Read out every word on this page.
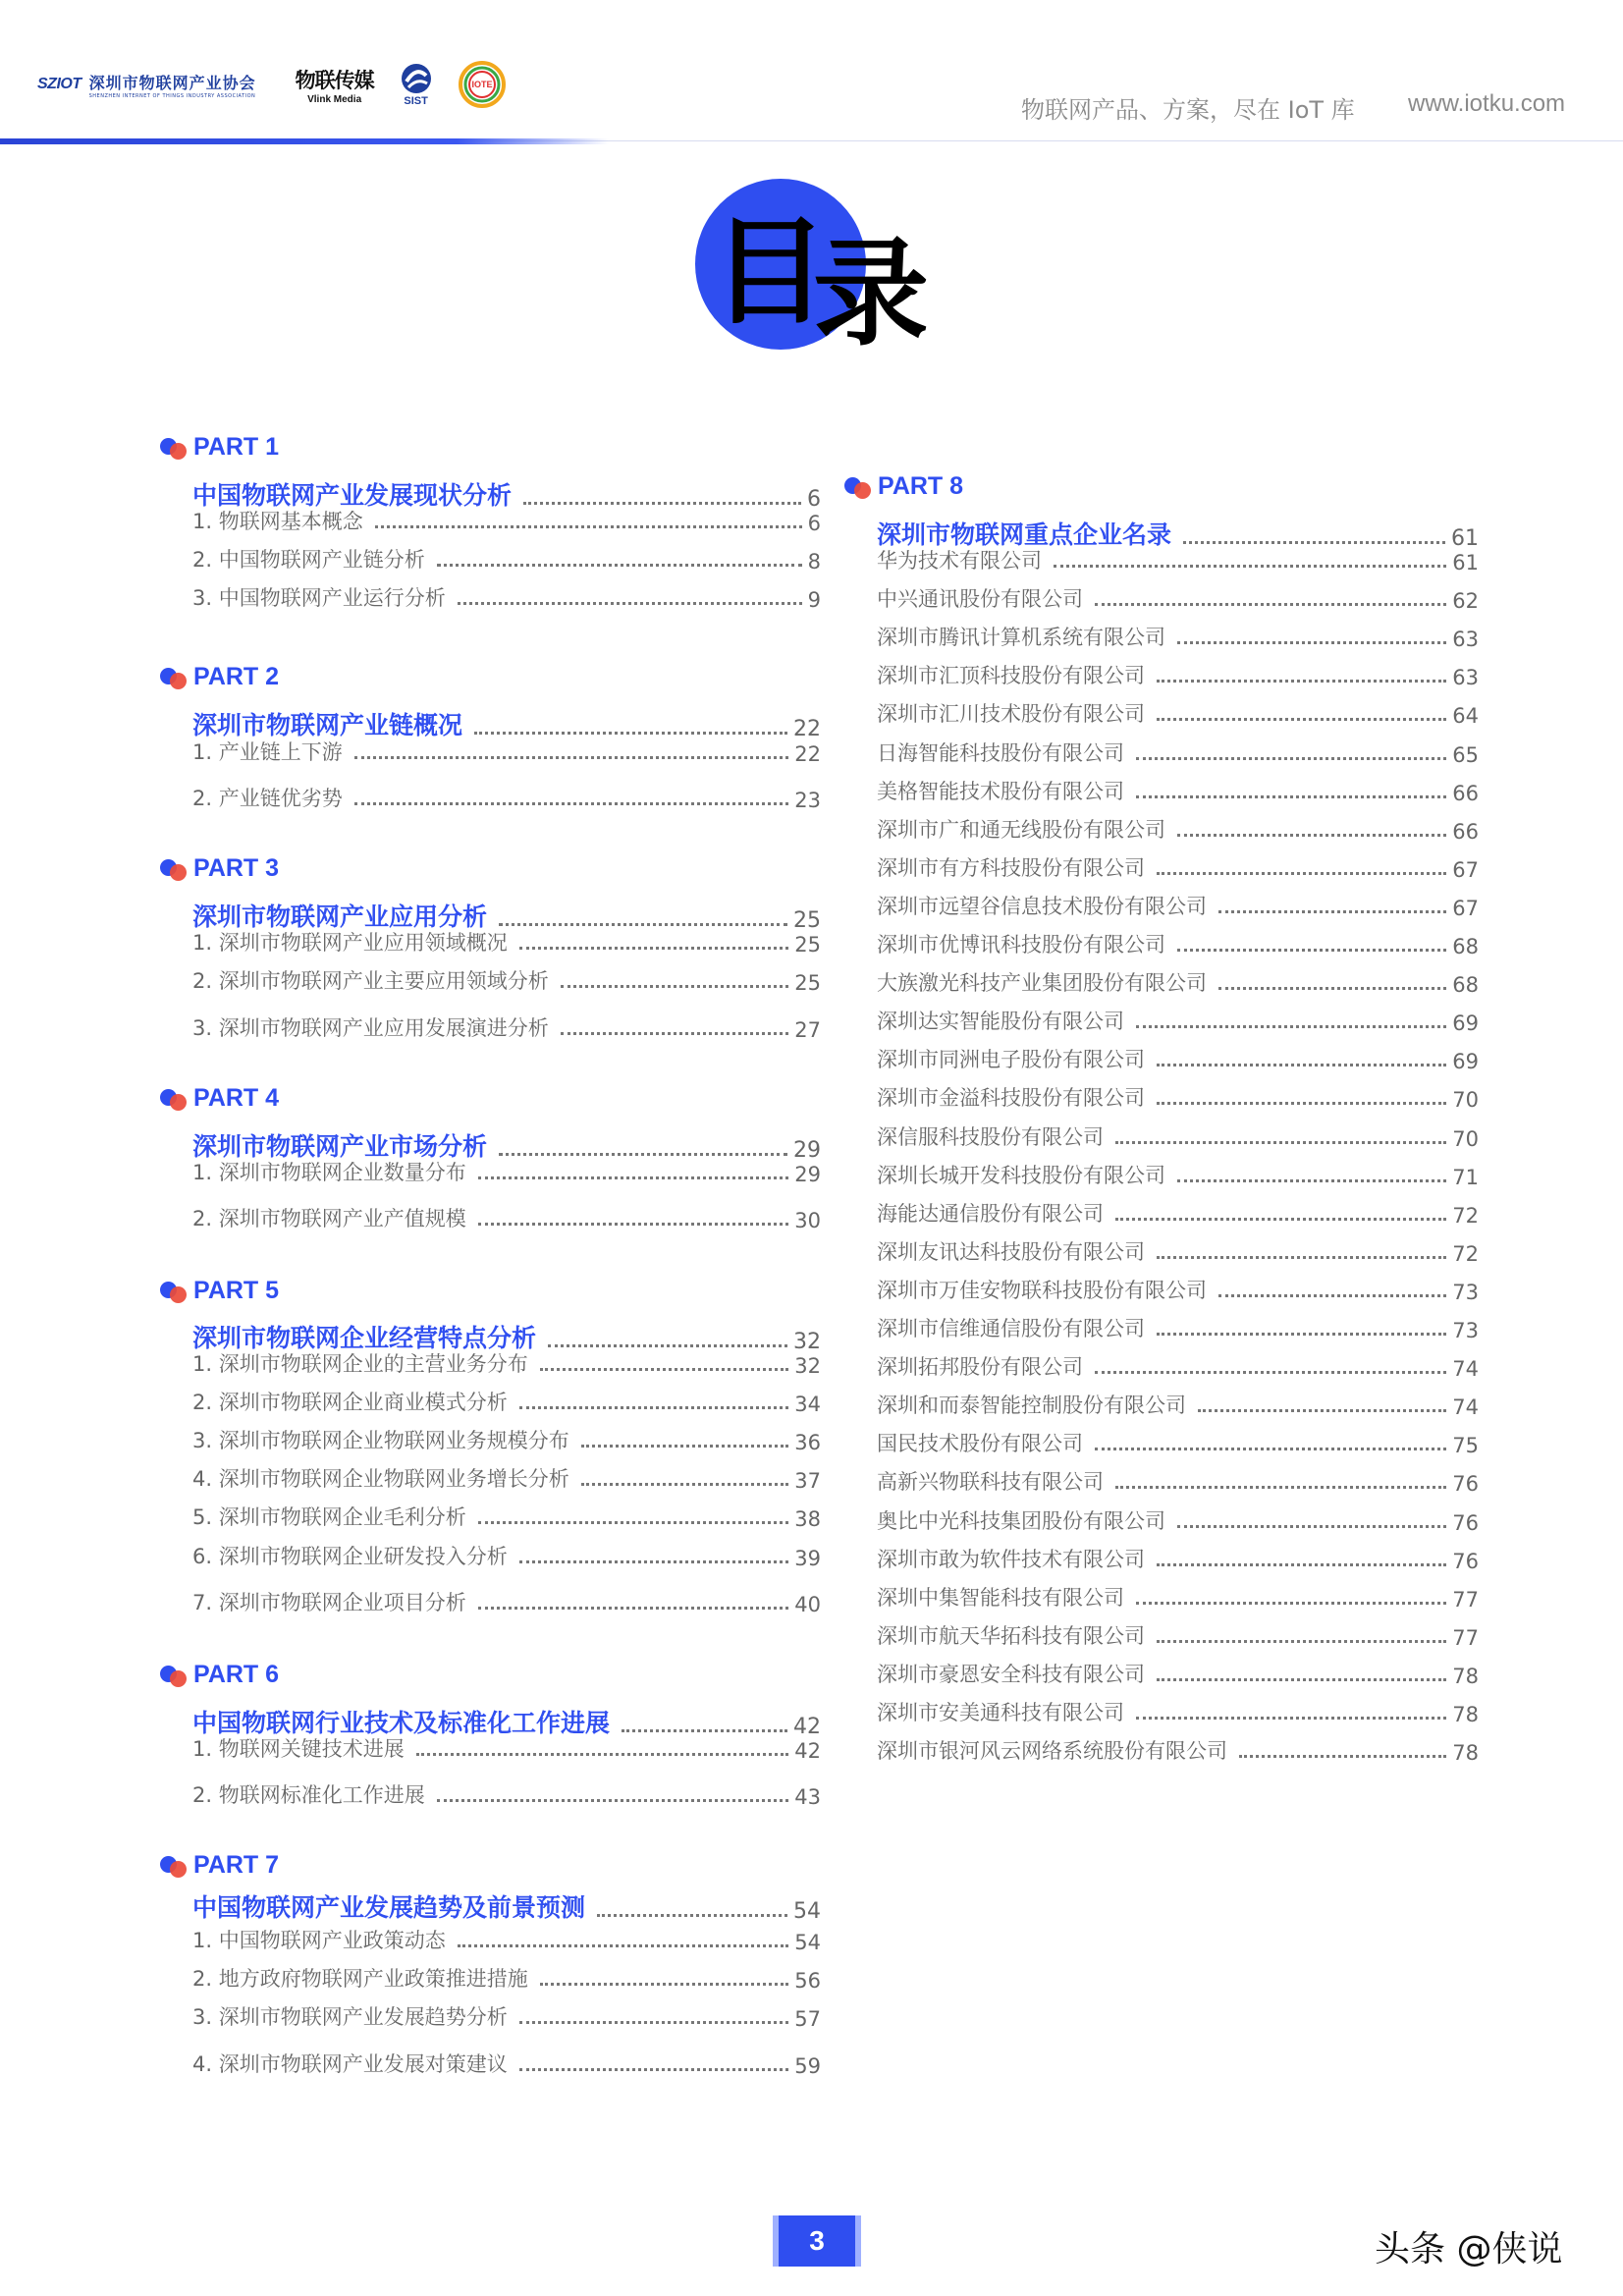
SZIOT 深圳市物联网产业协会
SHENZHEN INTERNET OF THINGS INDUSTRY ASSOCIATION
物联传媒
Vlink Media	SIST
IOTE
物联网产品、方案，尽在 IoT 库 www.iotku.com
目
录
PART 1
中国物联网产业发展现状分析	6
1. 物联网基本概念	6
2. 中国物联网产业链分析	8
3. 中国物联网产业运行分析	9
PART 2
深圳市物联网产业链概况	22
1. 产业链上下游	22
2. 产业链优劣势	23
PART 3
深圳市物联网产业应用分析	25
1. 深圳市物联网产业应用领域概况	25
2. 深圳市物联网产业主要应用领域分析	25
3. 深圳市物联网产业应用发展演进分析	27
PART 4
深圳市物联网产业市场分析	29
1. 深圳市物联网企业数量分布	29
2. 深圳市物联网产业产值规模	30
PART 5
深圳市物联网企业经营特点分析	32
1. 深圳市物联网企业的主营业务分布	32
2. 深圳市物联网企业商业模式分析	34
3. 深圳市物联网企业物联网业务规模分布	36
4. 深圳市物联网企业物联网业务增长分析	37
5. 深圳市物联网企业毛利分析	38
6. 深圳市物联网企业研发投入分析	39
7. 深圳市物联网企业项目分析	40
PART 6
中国物联网行业技术及标准化工作进展	42
1. 物联网关键技术进展	42
2. 物联网标准化工作进展	43
PART 7
中国物联网产业发展趋势及前景预测	54
1. 中国物联网产业政策动态	54
2. 地方政府物联网产业政策推进措施	56
3. 深圳市物联网产业发展趋势分析	57
4. 深圳市物联网产业发展对策建议	59
PART 8
深圳市物联网重点企业名录	61
华为技术有限公司	61
中兴通讯股份有限公司	62
深圳市腾讯计算机系统有限公司	63
深圳市汇顶科技股份有限公司	63
深圳市汇川技术股份有限公司	64
日海智能科技股份有限公司	65
美格智能技术股份有限公司	66
深圳市广和通无线股份有限公司	66
深圳市有方科技股份有限公司	67
深圳市远望谷信息技术股份有限公司	67
深圳市优博讯科技股份有限公司	68
大族激光科技产业集团股份有限公司	68
深圳达实智能股份有限公司	69
深圳市同洲电子股份有限公司	69
深圳市金溢科技股份有限公司	70
深信服科技股份有限公司	70
深圳长城开发科技股份有限公司	71
海能达通信股份有限公司	72
深圳友讯达科技股份有限公司	72
深圳市万佳安物联科技股份有限公司	73
深圳市信维通信股份有限公司	73
深圳拓邦股份有限公司	74
深圳和而泰智能控制股份有限公司	74
国民技术股份有限公司	75
高新兴物联科技有限公司	76
奥比中光科技集团股份有限公司	76
深圳市敢为软件技术有限公司	76
深圳中集智能科技有限公司	77
深圳市航天华拓科技有限公司	77
深圳市豪恩安全科技有限公司	78
深圳市安美通科技有限公司	78
深圳市银河风云网络系统股份有限公司	78
3	头条 @侠说
